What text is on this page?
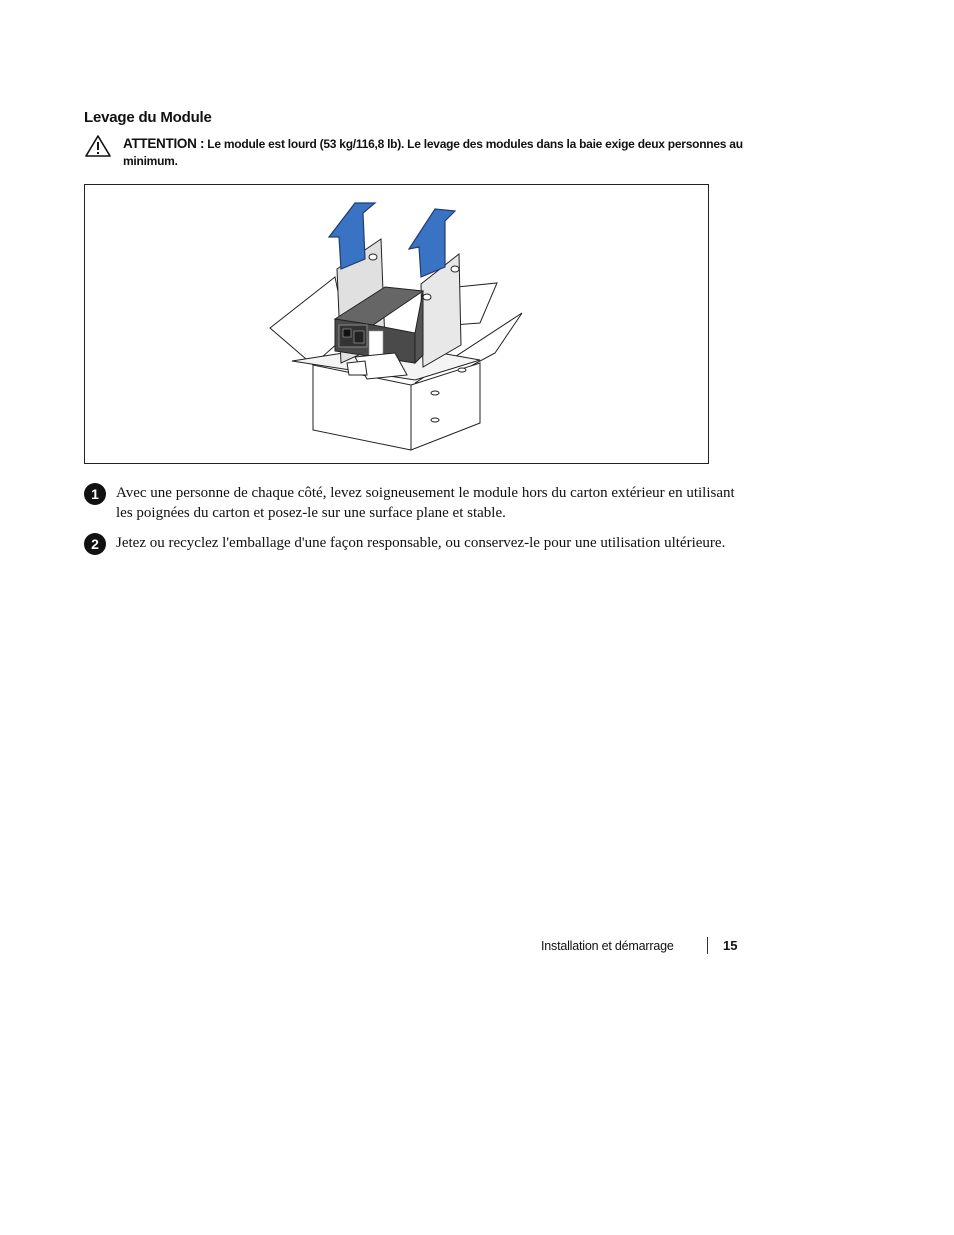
Levage du Module
ATTENTION : Le module est lourd (53 kg/116,8 lb). Le levage des modules dans la baie exige deux personnes au minimum.
1	Avec une personne de chaque côté, levez soigneusement le module hors du carton extérieur en utilisant les poignées du carton et posez-le sur une surface plane et stable.
2	Jetez ou recyclez l'emballage d'une façon responsable, ou conservez-le pour une utilisation ultérieure.
Installation et démarrage	15
